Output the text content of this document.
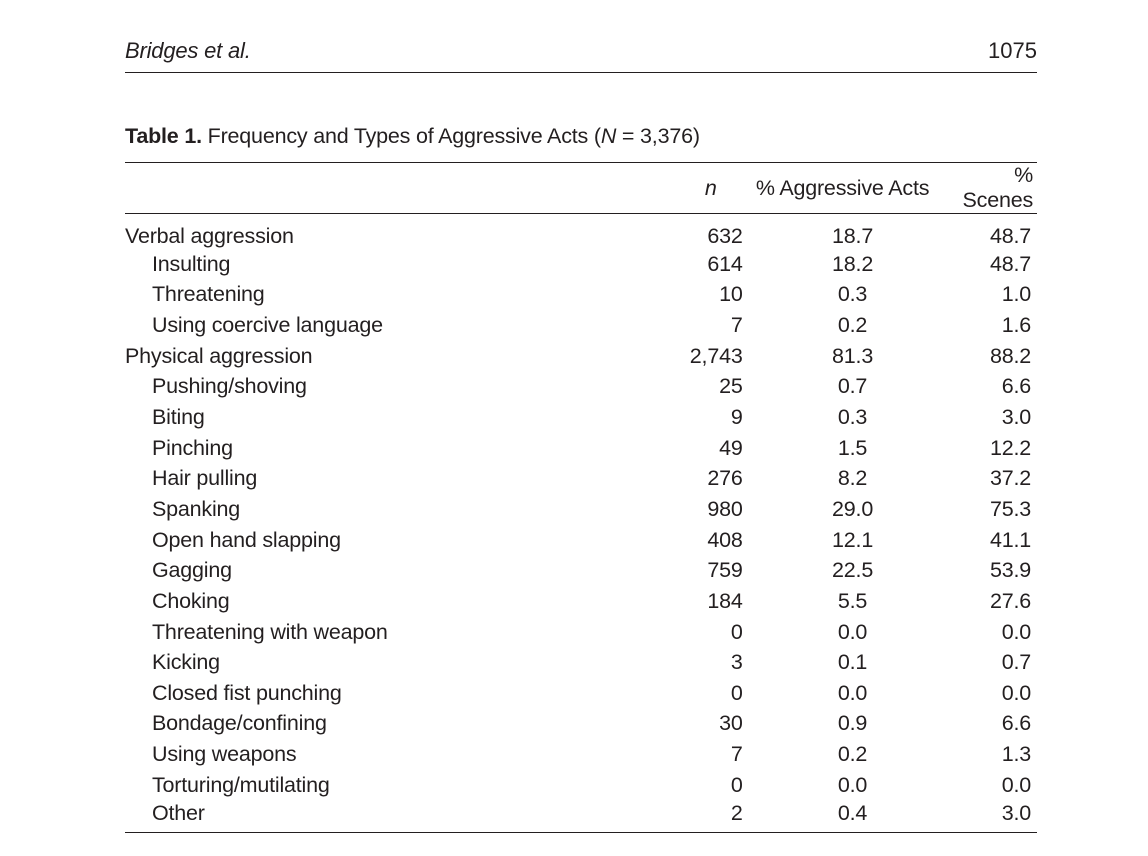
Bridges et al.	1075
Table 1. Frequency and Types of Aggressive Acts (N = 3,376)
	n	% Aggressive Acts	% Scenes
Verbal aggression	632	18.7	48.7
Insulting	614	18.2	48.7
Threatening	10	0.3	1.0
Using coercive language	7	0.2	1.6
Physical aggression	2,743	81.3	88.2
Pushing/shoving	25	0.7	6.6
Biting	9	0.3	3.0
Pinching	49	1.5	12.2
Hair pulling	276	8.2	37.2
Spanking	980	29.0	75.3
Open hand slapping	408	12.1	41.1
Gagging	759	22.5	53.9
Choking	184	5.5	27.6
Threatening with weapon	0	0.0	0.0
Kicking	3	0.1	0.7
Closed fist punching	0	0.0	0.0
Bondage/confining	30	0.9	6.6
Using weapons	7	0.2	1.3
Torturing/mutilating	0	0.0	0.0
Other	2	0.4	3.0
